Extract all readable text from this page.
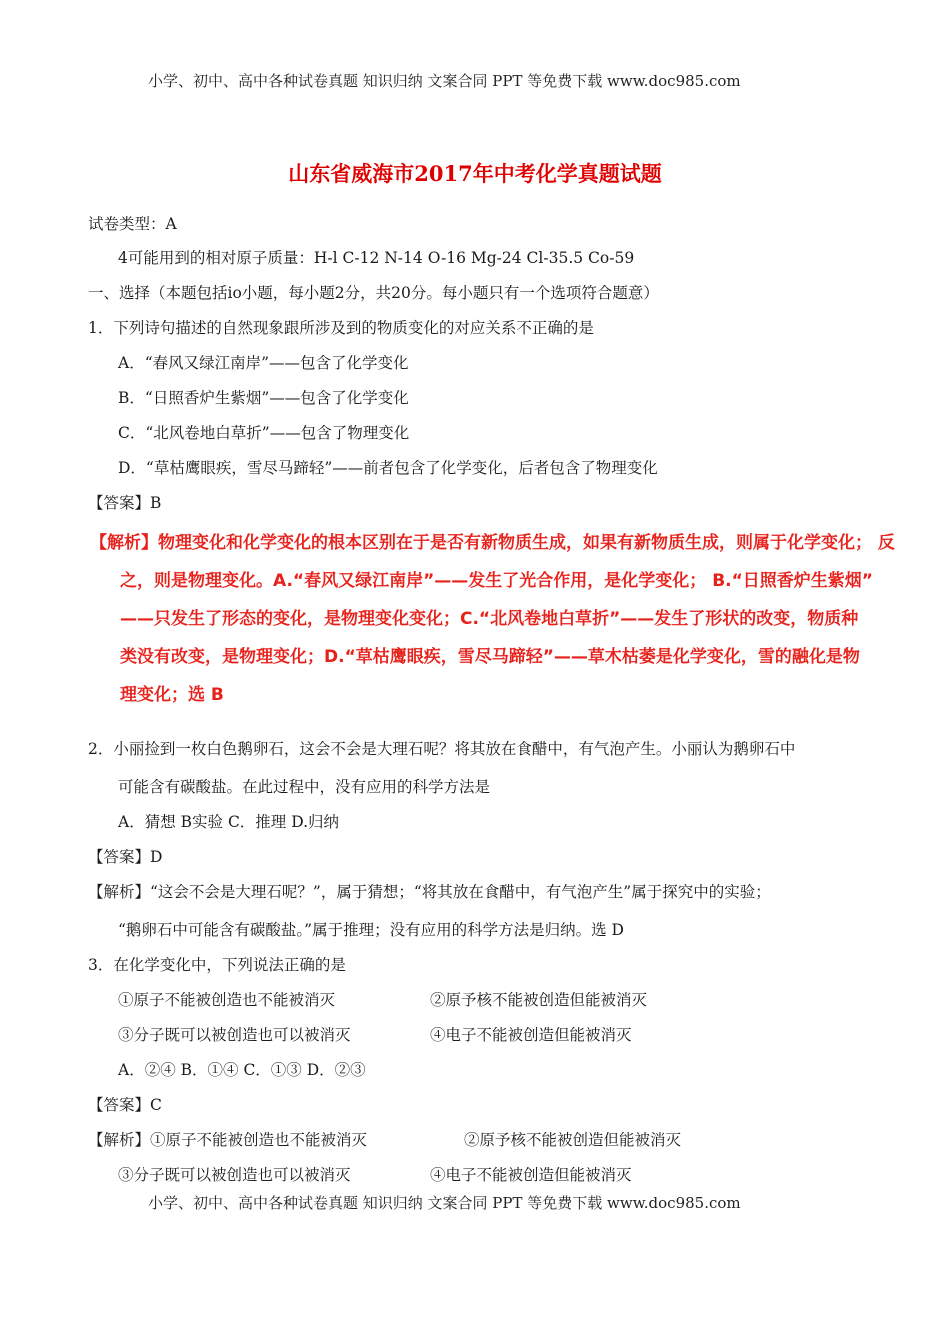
小学、初中、高中各种试卷真题 知识归纳 文案合同 PPT 等免费下载 www.doc985.com
山东省威海市2017年中考化学真题试题
试卷类型：A
4可能用到的相对原子质量：H-l C-12 N-14 O-16 Mg-24 Cl-35.5 Co-59
一、选择（本题包括io小题，每小题2分，共20分。每小题只有一个选项符合题意）
1．下列诗句描述的自然现象跟所涉及到的物质变化的对应关系不正确的是
A．“春风又绿江南岸”——包含了化学变化
B．“日照香炉生紫烟”——包含了化学变化
C．“北风卷地白草折”——包含了物理变化
D．“草枯鹰眼疾，雪尽马蹄轻”——前者包含了化学变化，后者包含了物理变化
【答案】B
【解析】物理变化和化学变化的根本区别在于是否有新物质生成，如果有新物质生成，则属于化学变化； 反
之，则是物理变化。A.“春风又绿江南岸”——发生了光合作用，是化学变化； B.“日照香炉生紫烟”
——只发生了形态的变化，是物理变化变化；C.“北风卷地白草折”——发生了形状的改变，物质种
类没有改变，是物理变化；D.“草枯鹰眼疾，雪尽马蹄轻”——草木枯萎是化学变化，雪的融化是物
理变化；选 B
2．小丽捡到一枚白色鹅卵石，这会不会是大理石呢？将其放在食醋中，有气泡产生。小丽认为鹅卵石中
可能含有碳酸盐。在此过程中，没有应用的科学方法是
A．猜想 B实验 C．推理 D.归纳
【答案】D
【解析】“这会不会是大理石呢？”，属于猜想；“将其放在食醋中，有气泡产生”属于探究中的实验；
“鹅卵石中可能含有碳酸盐。”属于推理；没有应用的科学方法是归纳。选 D
3．在化学变化中，下列说法正确的是
①原子不能被创造也不能被消灭	②原予核不能被创造但能被消灭
③分子既可以被创造也可以被消灭	④电子不能被创造但能被消灭
A．②④ B．①④ C．①③ D．②③
【答案】C
【解析】①原子不能被创造也不能被消灭	②原予核不能被创造但能被消灭
③分子既可以被创造也可以被消灭	④电子不能被创造但能被消灭
小学、初中、高中各种试卷真题 知识归纳 文案合同 PPT 等免费下载 www.doc985.com
